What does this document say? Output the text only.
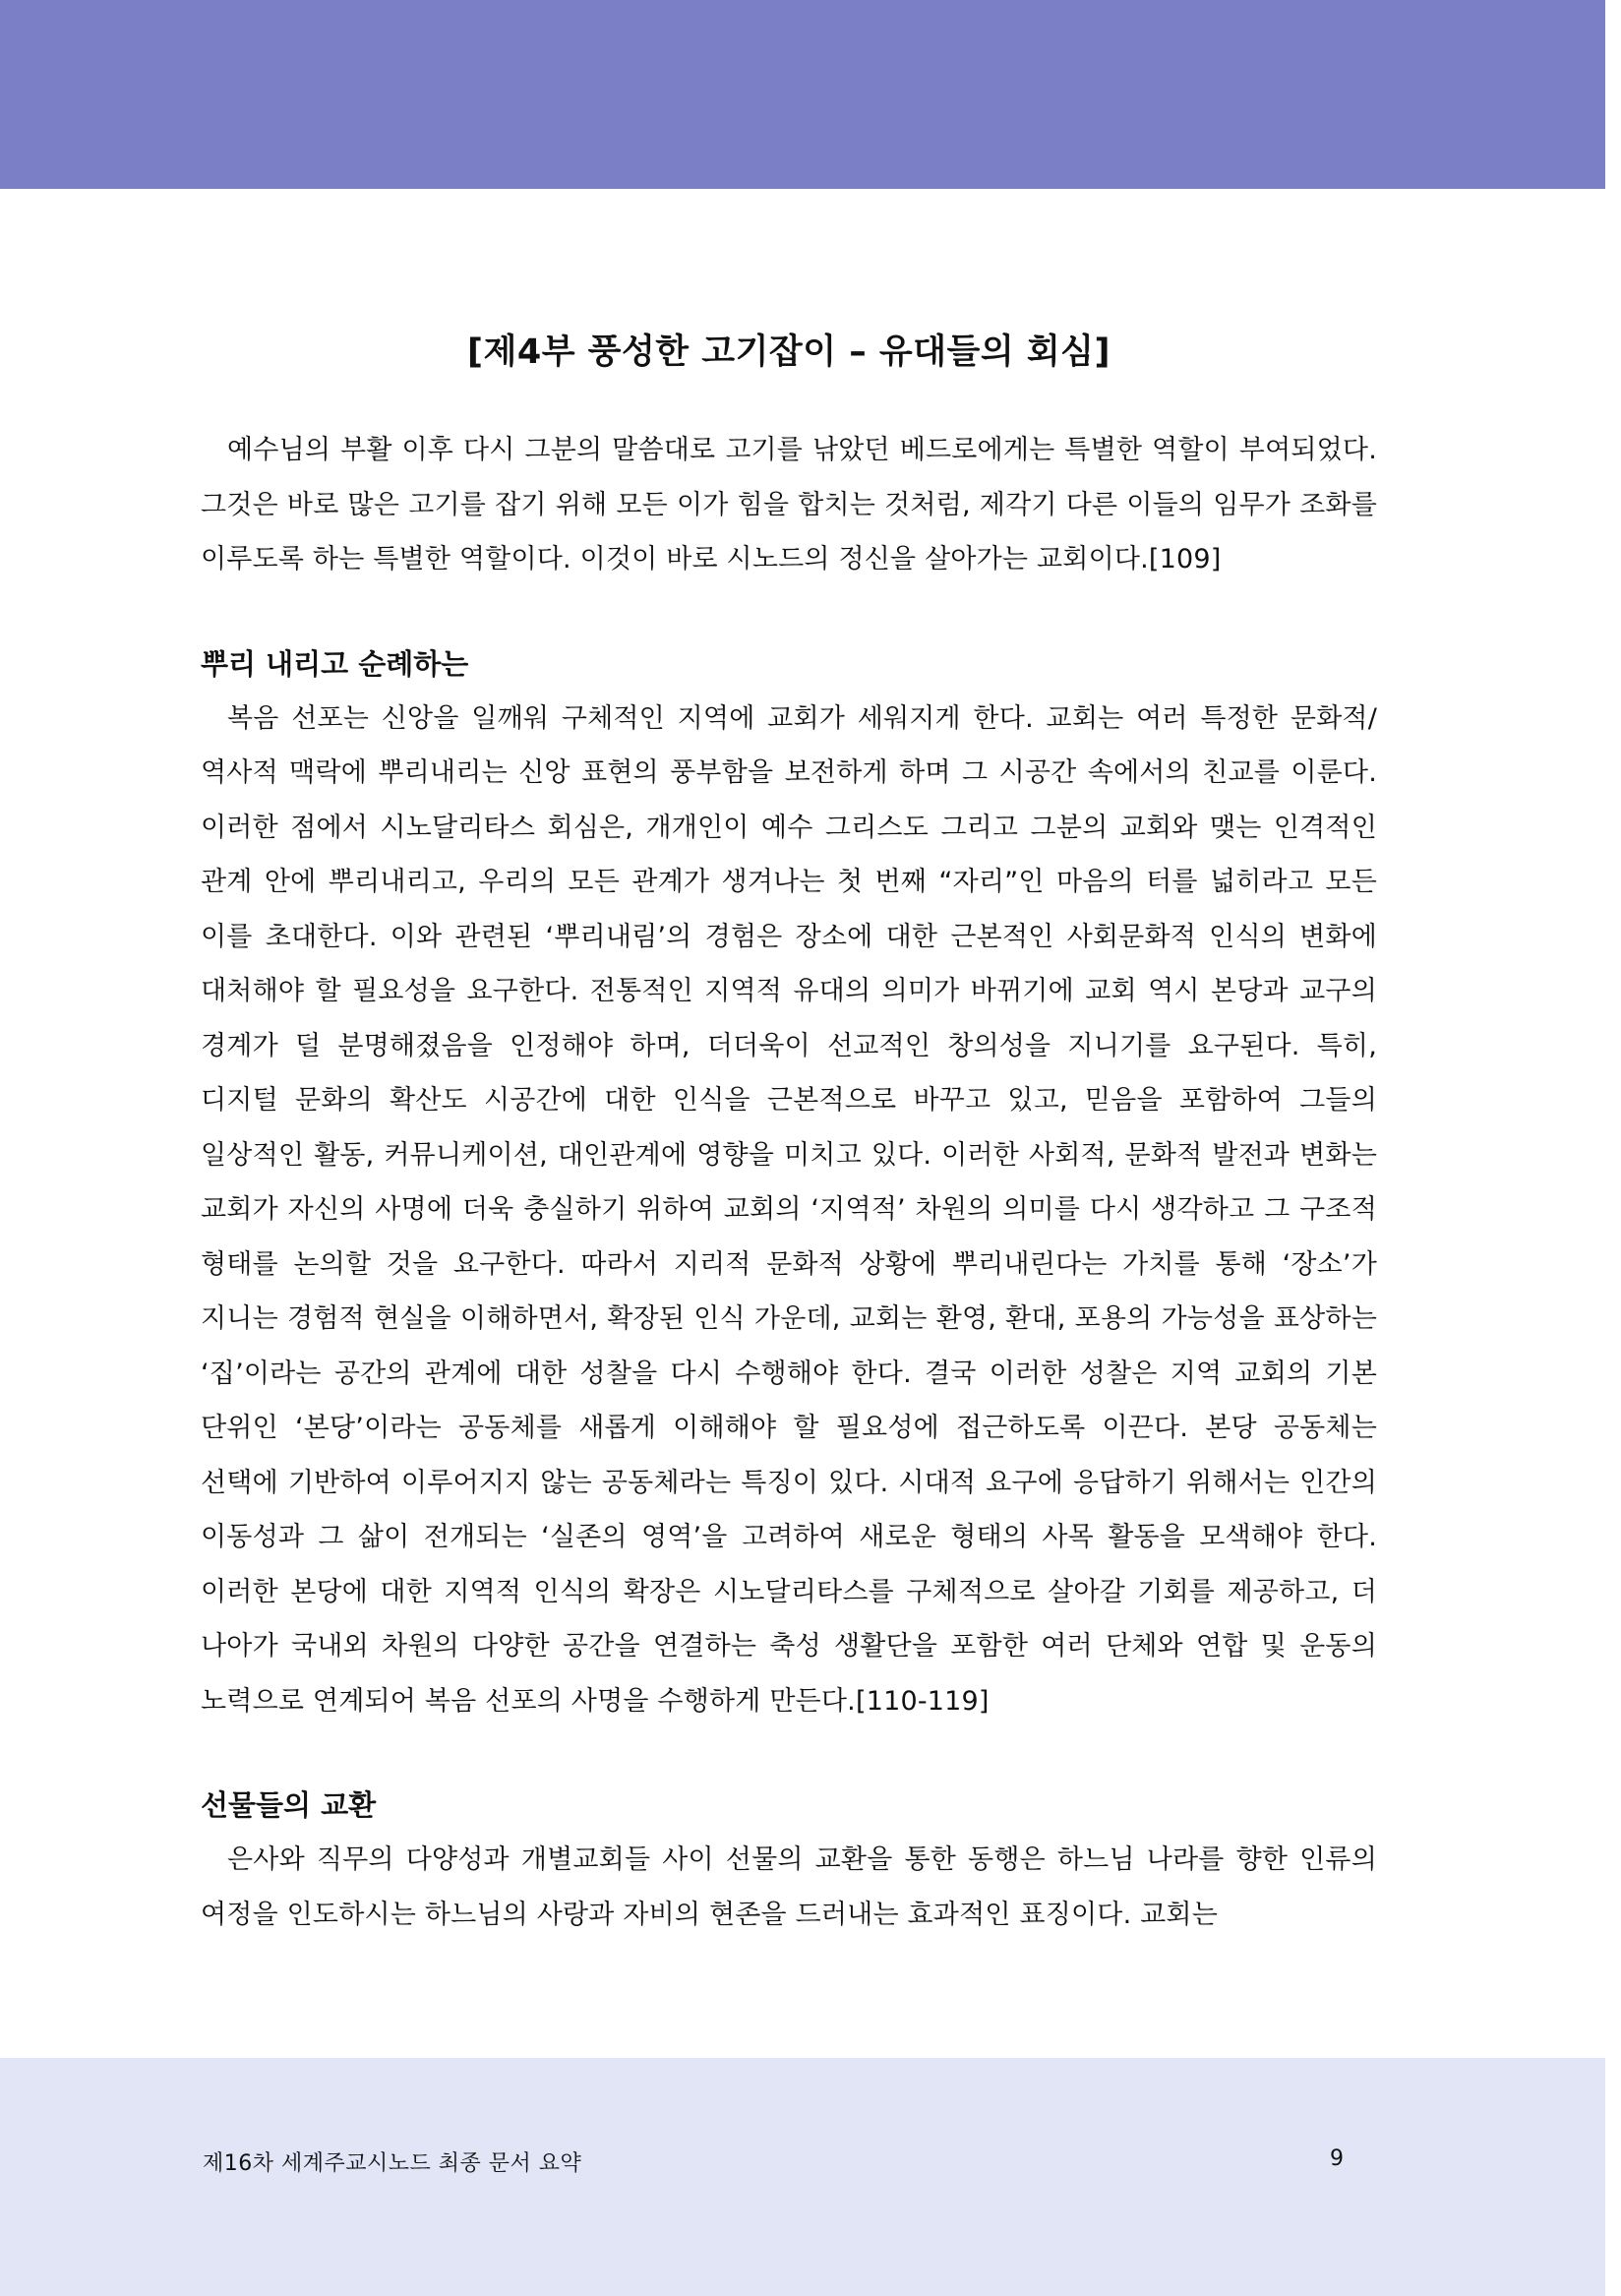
[제4부 풍성한 고기잡이 – 유대들의 회심]

예수님의 부활 이후 다시 그분의 말씀대로 고기를 낚았던 베드로에게는 특별한 역할이 부여되었다. 그것은 바로 많은 고기를 잡기 위해 모든 이가 힘을 합치는 것처럼, 제각기 다른 이들의 임무가 조화를 이루도록 하는 특별한 역할이다. 이것이 바로 시노드의 정신을 살아가는 교회이다.[109]

뿌리 내리고 순례하는

복음 선포는 신앙을 일깨워 구체적인 지역에 교회가 세워지게 한다. 교회는 여러 특정한 문화적/역사적 맥락에 뿌리내리는 신앙 표현의 풍부함을 보전하게 하며 그 시공간 속에서의 친교를 이룬다. 이러한 점에서 시노달리타스 회심은, 개개인이 예수 그리스도 그리고 그분의 교회와 맺는 인격적인 관계 안에 뿌리내리고, 우리의 모든 관계가 생겨나는 첫 번째 “자리”인 마음의 터를 넓히라고 모든 이를 초대한다. 이와 관련된 ‘뿌리내림’의 경험은 장소에 대한 근본적인 사회문화적 인식의 변화에 대처해야 할 필요성을 요구한다. 전통적인 지역적 유대의 의미가 바뀌기에 교회 역시 본당과 교구의 경계가 덜 분명해졌음을 인정해야 하며, 더더욱이 선교적인 창의성을 지니기를 요구된다. 특히, 디지털 문화의 확산도 시공간에 대한 인식을 근본적으로 바꾸고 있고, 믿음을 포함하여 그들의 일상적인 활동, 커뮤니케이션, 대인관계에 영향을 미치고 있다. 이러한 사회적, 문화적 발전과 변화는 교회가 자신의 사명에 더욱 충실하기 위하여 교회의 ‘지역적’ 차원의 의미를 다시 생각하고 그 구조적 형태를 논의할 것을 요구한다. 따라서 지리적 문화적 상황에 뿌리내린다는 가치를 통해 ‘장소’가 지니는 경험적 현실을 이해하면서, 확장된 인식 가운데, 교회는 환영, 환대, 포용의 가능성을 표상하는 ‘집’이라는 공간의 관계에 대한 성찰을 다시 수행해야 한다. 결국 이러한 성찰은 지역 교회의 기본 단위인 ‘본당’이라는 공동체를 새롭게 이해해야 할 필요성에 접근하도록 이끈다. 본당 공동체는 선택에 기반하여 이루어지지 않는 공동체라는 특징이 있다. 시대적 요구에 응답하기 위해서는 인간의 이동성과 그 삶이 전개되는 ‘실존의 영역’을 고려하여 새로운 형태의 사목 활동을 모색해야 한다. 이러한 본당에 대한 지역적 인식의 확장은 시노달리타스를 구체적으로 살아갈 기회를 제공하고, 더 나아가 국내외 차원의 다양한 공간을 연결하는 축성 생활단을 포함한 여러 단체와 연합 및 운동의 노력으로 연계되어 복음 선포의 사명을 수행하게 만든다.[110-119]

선물들의 교환

은사와 직무의 다양성과 개별교회들 사이 선물의 교환을 통한 동행은 하느님 나라를 향한 인류의 여정을 인도하시는 하느님의 사랑과 자비의 현존을 드러내는 효과적인 표징이다. 교회는

제16차 세계주교시노드 최종 문서 요약	9
